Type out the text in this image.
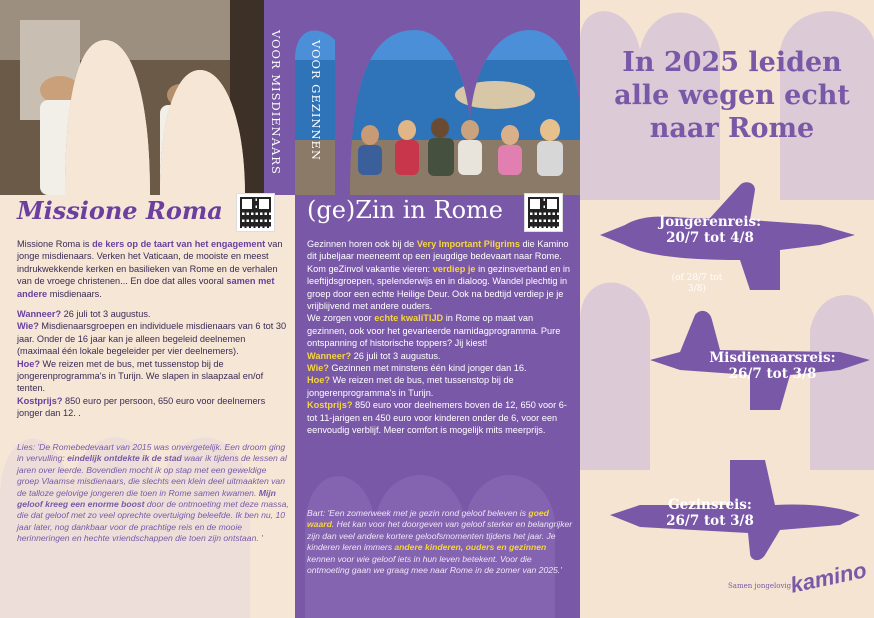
VOOR MISDIENAARS
Missione Roma

Missione Roma is de kers op de taart van het engagement van jonge misdienaars. Verken het Vaticaan, de mooiste en meest indrukwekkende kerken en basilieken van Rome en de verhalen van de vroege christenen... En doe dat alles vooral samen met andere misdienaars.

Wanneer? 26 juli tot 3 augustus.
Wie? Misdienaarsgroepen en individuele misdienaars van 6 tot 30 jaar. Onder de 16 jaar kan je alleen begeleid deelnemen (maximaal één lokale begeleider per vier deelnemers).
Hoe? We reizen met de bus, met tussenstop bij de jongerenprogramma's in Turijn. We slapen in slaapzaal en/of tenten.
Kostprijs? 850 euro per persoon, 650 euro voor deelnemers jonger dan 12. .
Lies: 'De Romebedevaart van 2015 was onvergetelijk. Een droom ging in vervulling: eindelijk ontdekte ik de stad waar ik tijdens de lessen al jaren over leerde. Bovendien mocht ik op stap met een geweldige groep Vlaamse misdienaars, die slechts een klein deel uitmaakten van de talloze gelovige jongeren die toen in Rome samen kwamen. Mijn geloof kreeg een enorme boost door de ontmoeting met deze massa, die dat geloof met zo veel oprechte overtuiging beleefde. Ik ben nu, 10 jaar later, nog dankbaar voor de prachtige reis en de mooie herinneringen en hechte vriendschappen die toen zijn ontstaan. '
VOOR GEZINNEN
(ge)Zin in Rome

Gezinnen horen ook bij de Very Important Pilgrims die Kamino dit jubeljaar meeneemt op een jeugdige bedevaart naar Rome. Kom geZinvol vakantie vieren: verdiep je in gezinsverband en in leeftijdsgroepen, spelenderwijs en in dialoog. Wandel plechtig in groep door een echte Heilige Deur. Ook na bedtijd verdiep je je vrijblijvend met andere ouders.

We zorgen voor echte kwaliTIJD in Rome op maat van gezinnen, ook voor het gevarieerde namidagprogramma. Pure ontspanning of historische toppers? Jij kiest!

Wanneer? 26 juli tot 3 augustus.
Wie? Gezinnen met minstens één kind jonger dan 16.
Hoe? We reizen met de bus, met tussenstop bij de jongerenprogramma's in Turijn.
Kostprijs? 850 euro voor deelnemers boven de 12, 650 voor 6- tot 11-jarigen en 450 euro voor kinderen onder de 6, voor een eenvoudig verblijf. Meer comfort is mogelijk mits meerprijs.
Bart: 'Een zomerweek met je gezin rond geloof beleven is goed waard. Het kan voor het doorgeven van geloof sterker en belangrijker zijn dan veel andere kortere geloofsmomenten tijdens het jaar. Je kinderen leren immers andere kinderen, ouders en gezinnen kennen voor wie geloof iets in hun leven betekent. Voor die ontmoeting gaan we graag mee naar Rome in de zomer van 2025.'
In 2025 leiden alle wegen echt naar Rome
Jongerenreis:
20/7 tot 4/8
(of 28/7 tot 3/8)
Misdienaarsreis:
26/7 tot 3/8
Gezinsreis:
26/7 tot 3/8
Samen jongelovig
kamino
